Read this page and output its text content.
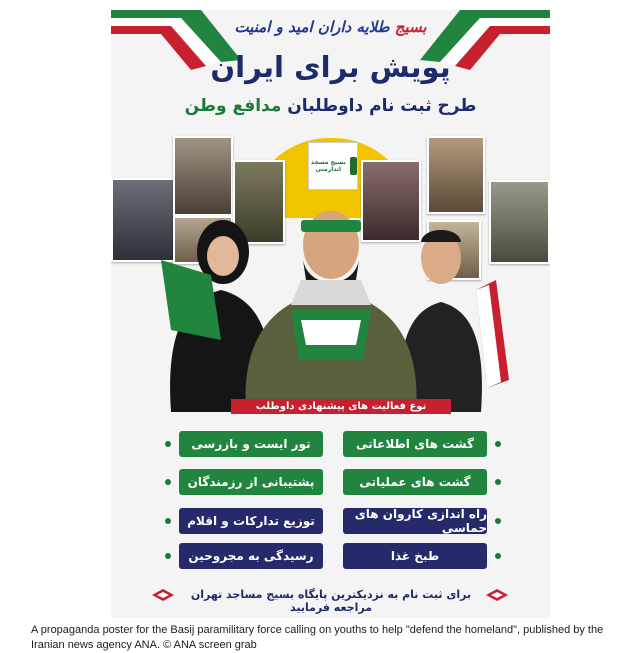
بسیج طلایه داران امید و امنیت
پویش برای ایران
طرح ثبت نام داوطلبان مدافع وطن
بسیج مسجد اندارمنی
نوع فعالیت های پیشنهادی داوطلب
گشت های اطلاعاتی
گشت های عملیاتی
راه اندازی کاروان های حماسی
طبخ غذا
تور ایست و بازرسی
پشتیبانی از رزمندگان
توزیع تدارکات و اقلام
رسیدگی به مجروحین
برای ثبت نام به نزدیکترین پایگاه بسیج مساجد تهران مراجعه فرمایید
A propaganda poster for the Basij paramilitary force calling on youths to help "defend the homeland", published by the Iranian news agency ANA. © ANA screen grab
